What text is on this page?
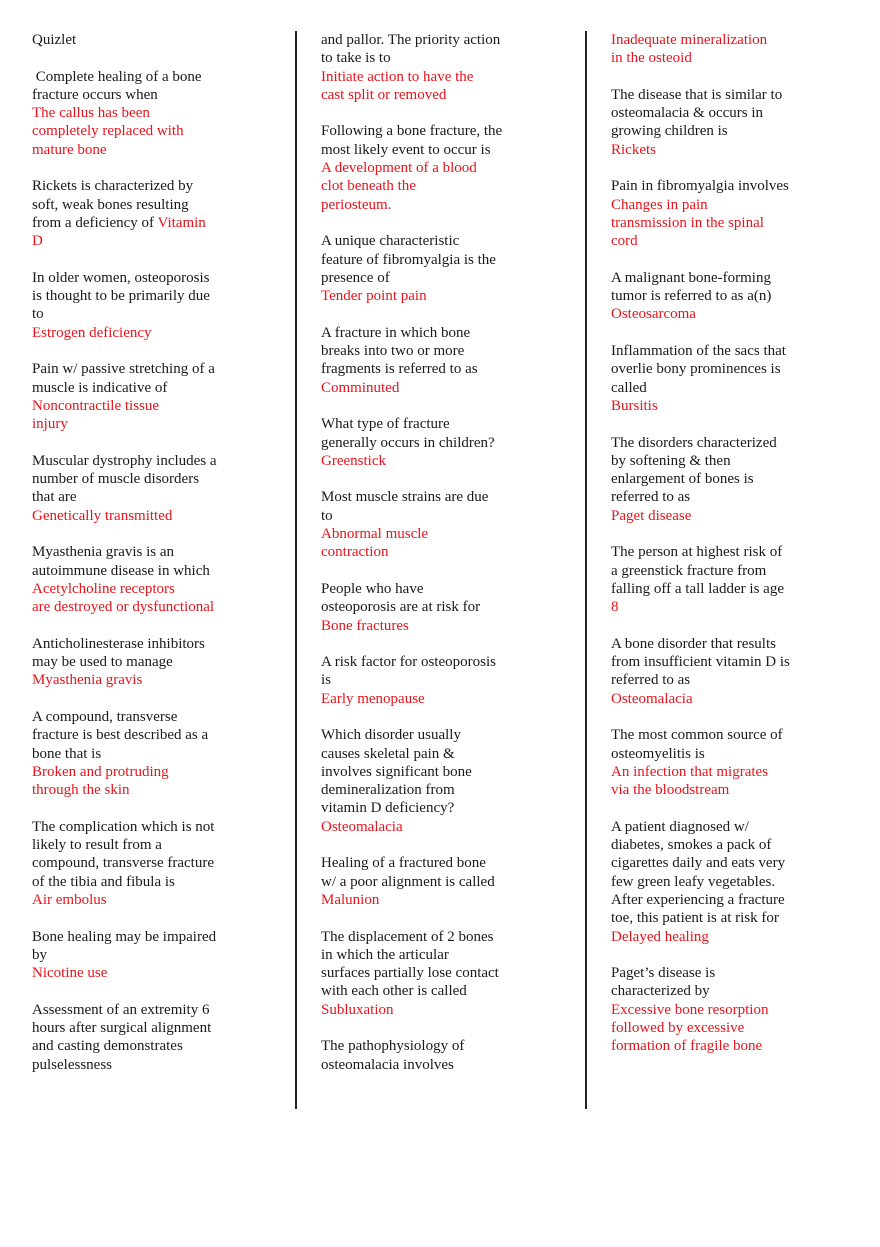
Quizlet
Complete healing of a bone
fracture occurs when
The callus has been
completely replaced with
mature bone
Rickets is characterized by
soft, weak bones resulting
from a deficiency of Vitamin
D
In older women, osteoporosis
is thought to be primarily due
to
Estrogen deficiency
Pain w/ passive stretching of a
muscle is indicative of
Noncontractile tissue
injury
Muscular dystrophy includes a
number of muscle disorders
that are
Genetically transmitted
Myasthenia gravis is an
autoimmune disease in which
Acetylcholine receptors
are destroyed or dysfunctional
Anticholinesterase inhibitors
may be used to manage
Myasthenia gravis
A compound, transverse
fracture is best described as a
bone that is
Broken and protruding
through the skin
The complication which is not
likely to result from a
compound, transverse fracture
of the tibia and fibula is
Air embolus
Bone healing may be impaired
by
Nicotine use
Assessment of an extremity 6
hours after surgical alignment
and casting demonstrates
pulselessness
and pallor. The priority action
to take is to
Initiate action to have the
cast split or removed
Following a bone fracture, the
most likely event to occur is
A development of a blood
clot beneath the
periosteum.
A unique characteristic
feature of fibromyalgia is the
presence of
Tender point pain
A fracture in which bone
breaks into two or more
fragments is referred to as
Comminuted
What type of fracture
generally occurs in children?
Greenstick
Most muscle strains are due
to
Abnormal muscle
contraction
People who have
osteoporosis are at risk for
Bone fractures
A risk factor for osteoporosis
is
Early menopause
Which disorder usually
causes skeletal pain &
involves significant bone
demineralization from
vitamin D deficiency?
Osteomalacia
Healing of a fractured bone
w/ a poor alignment is called
Malunion
The displacement of 2 bones
in which the articular
surfaces partially lose contact
with each other is called
Subluxation
The pathophysiology of
osteomalacia involves
Inadequate mineralization
in the osteoid
The disease that is similar to
osteomalacia & occurs in
growing children is
Rickets
Pain in fibromyalgia involves
Changes in pain
transmission in the spinal
cord
A malignant bone-forming
tumor is referred to as a(n)
Osteosarcoma
Inflammation of the sacs that
overlie bony prominences is
called
Bursitis
The disorders characterized
by softening & then
enlargement of bones is
referred to as
Paget disease
The person at highest risk of
a greenstick fracture from
falling off a tall ladder is age
8
A bone disorder that results
from insufficient vitamin D is
referred to as
Osteomalacia
The most common source of
osteomyelitis is
An infection that migrates
via the bloodstream
A patient diagnosed w/
diabetes, smokes a pack of
cigarettes daily and eats very
few green leafy vegetables.
After experiencing a fracture
toe, this patient is at risk for
Delayed healing
Paget’s disease is
characterized by
Excessive bone resorption
followed by excessive
formation of fragile bone
